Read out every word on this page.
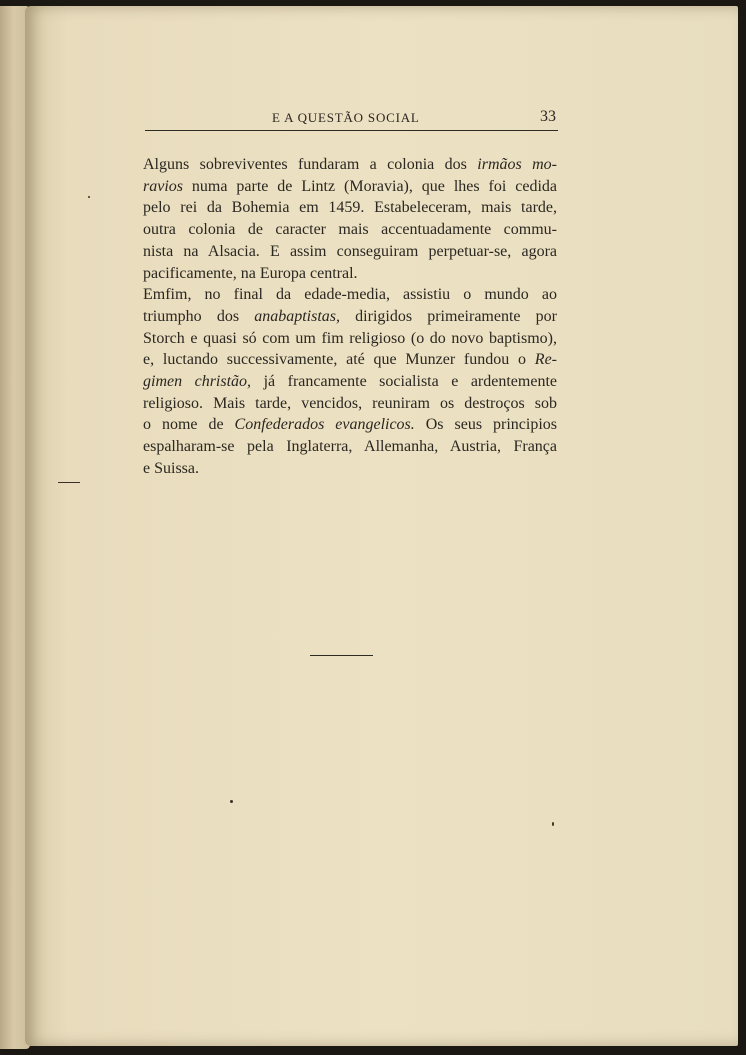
E A QUESTÃO SOCIAL	33
Alguns sobreviventes fundaram a colonia dos irmãos mo-
ravios numa parte de Lintz (Moravia), que lhes foi cedida
pelo rei da Bohemia em 1459. Estabeleceram, mais tarde,
outra colonia de caracter mais accentuadamente commu-
nista na Alsacia. E assim conseguiram perpetuar-se, agora
pacificamente, na Europa central.
Emfim, no final da edade-media, assistiu o mundo ao
triumpho dos anabaptistas, dirigidos primeiramente por
Storch e quasi só com um fim religioso (o do novo baptismo),
e, luctando successivamente, até que Munzer fundou o Re-
gimen christão, já francamente socialista e ardentemente
religioso. Mais tarde, vencidos, reuniram os destroços sob
o nome de Confederados evangelicos. Os seus principios
espalharam-se pela Inglaterra, Allemanha, Austria, França
e Suissa.
